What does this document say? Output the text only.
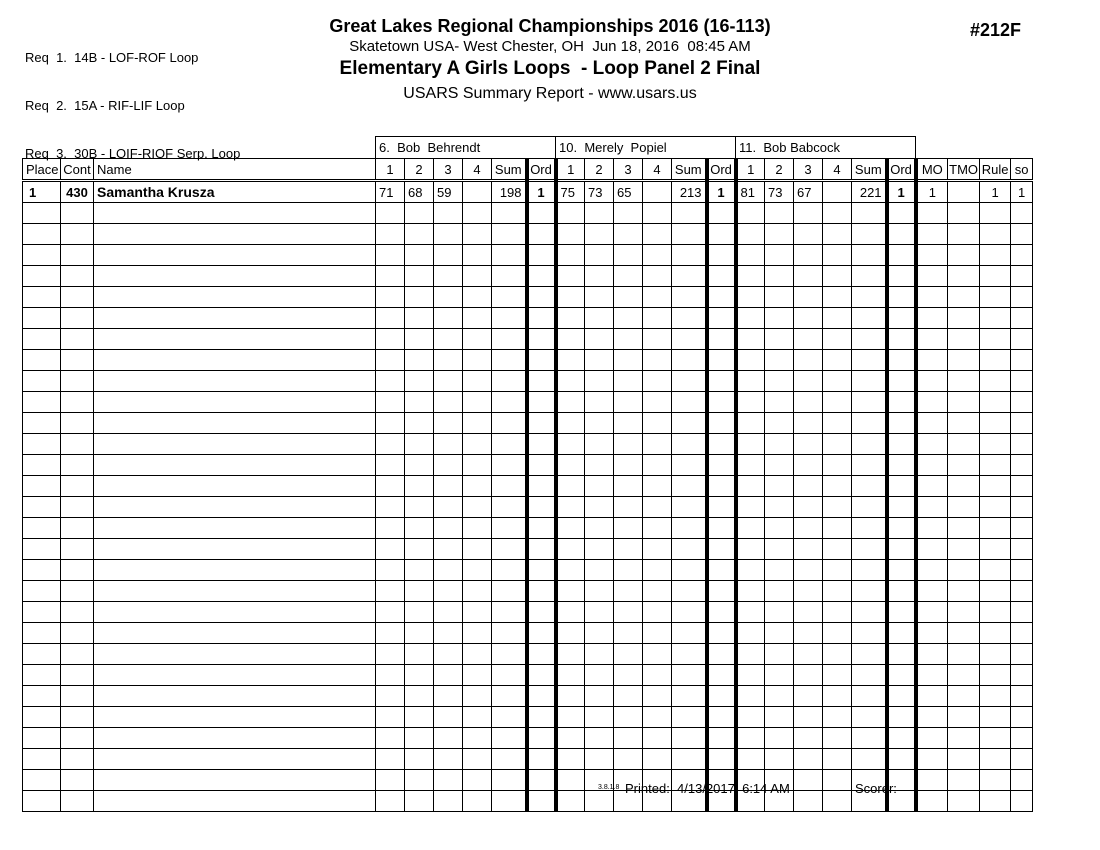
Req  1.  14B - LOF-ROF Loop

Req  2.  15A - RIF-LIF Loop

Req  3.  30B - LOIF-RIOF Serp. Loop

Great Lakes Regional Championships 2016 (16-113)
Skatetown USA- West Chester, OH  Jun 18, 2016  08:45 AM
Elementary A Girls Loops  - Loop Panel 2 Final
USARS Summary Report - www.usars.us
#212F
			6.  Bob  Behrendt						10.  Merely  Popiel						11.  Bob Babcock									
Place	Cont	Name	1	2	3	4	Sum	Ord	1	2	3	4	Sum	Ord	1	2	3	4	Sum	Ord	MO	TMO	Rule	so
1	430	Samantha Krusza	71	68	59		198	1	75	73	65		213	1	81	73	67		221	1	1		1	1

3.8.1.8 Printed:  4/13/2017  6:14 AM	Scorer:
